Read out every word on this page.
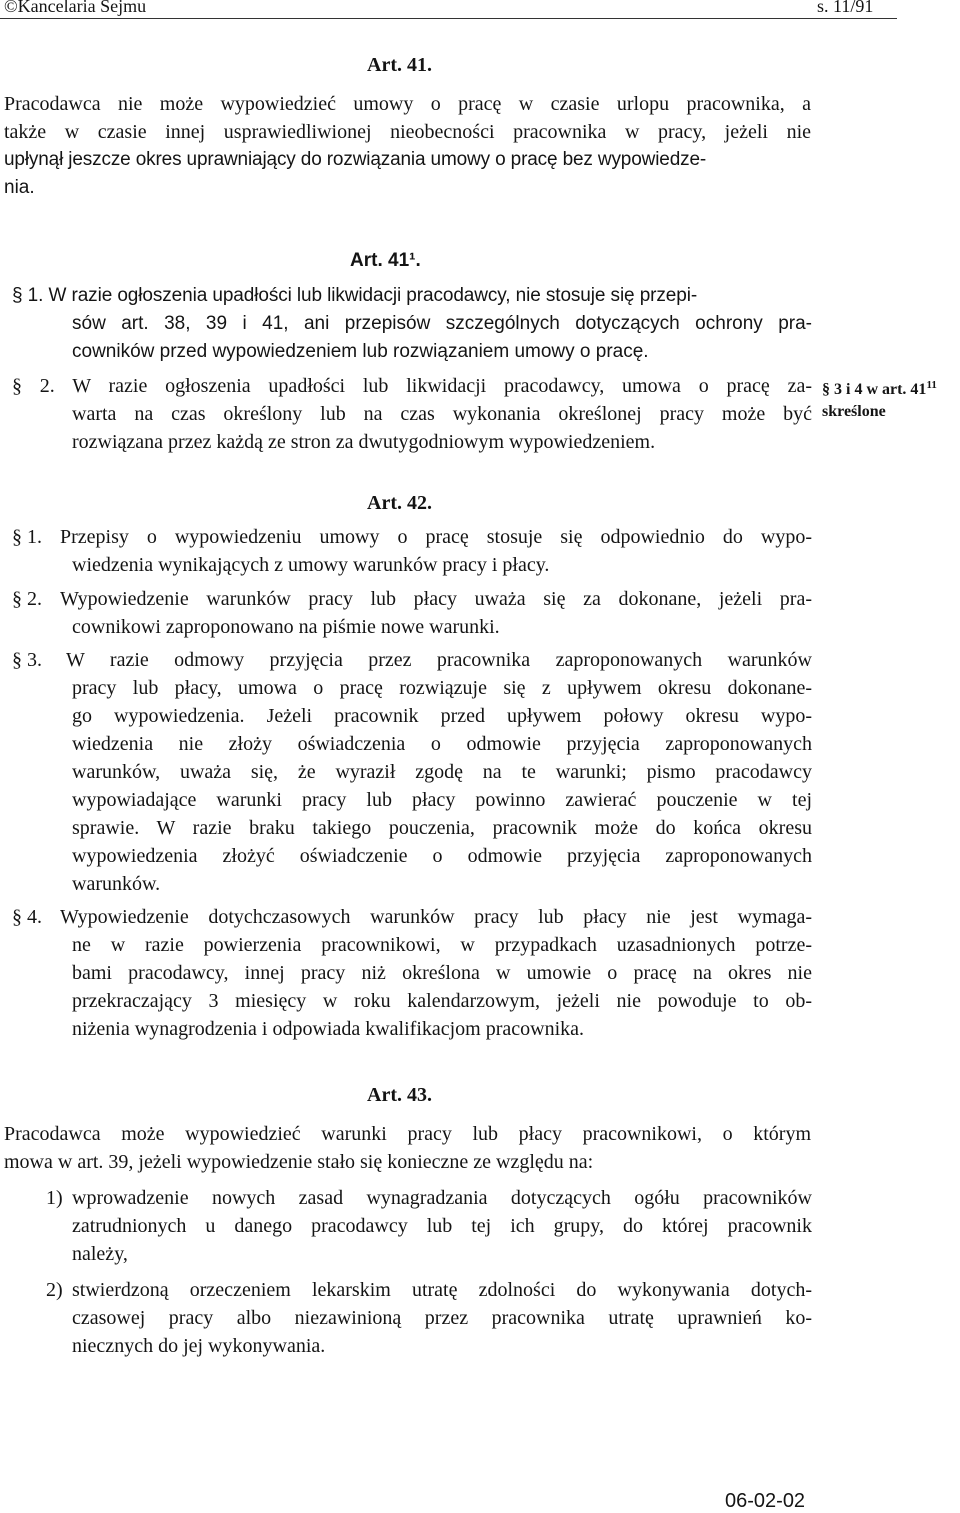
©Kancelaria Sejmu	s. 11/91
Art. 41.
Pracodawca nie może wypowiedzieć umowy o pracę w czasie urlopu pracownika, a
także w czasie innej usprawiedliwionej nieobecności pracownika w pracy, jeżeli nie
upłynął jeszcze okres uprawniający do rozwiązania umowy o pracę bez wypowiedze-
nia.
Art. 41¹.
§ 1. W razie ogłoszenia upadłości lub likwidacji pracodawcy, nie stosuje się przepi-
sów art. 38, 39 i 41, ani przepisów szczególnych dotyczących ochrony pra-
cowników przed wypowiedzeniem lub rozwiązaniem umowy o pracę.
§ 2. W razie ogłoszenia upadłości lub likwidacji pracodawcy, umowa o pracę za-
warta na czas określony lub na czas wykonania określonej pracy może być
rozwiązana przez każdą ze stron za dwutygodniowym wypowiedzeniem.
§ 3 i 4 w art. $41^{11}$
skreślone
Art. 42.
§ 1. Przepisy o wypowiedzeniu umowy o pracę stosuje się odpowiednio do wypo-
wiedzenia wynikających z umowy warunków pracy i płacy.
§ 2. Wypowiedzenie warunków pracy lub płacy uważa się za dokonane, jeżeli pra-
cownikowi zaproponowano na piśmie nowe warunki.
§ 3. W razie odmowy przyjęcia przez pracownika zaproponowanych warunków
pracy lub płacy, umowa o pracę rozwiązuje się z upływem okresu dokonane-
go wypowiedzenia. Jeżeli pracownik przed upływem połowy okresu wypo-
wiedzenia nie złoży oświadczenia o odmowie przyjęcia zaproponowanych
warunków, uważa się, że wyraził zgodę na te warunki; pismo pracodawcy
wypowiadające warunki pracy lub płacy powinno zawierać pouczenie w tej
sprawie. W razie braku takiego pouczenia, pracownik może do końca okresu
wypowiedzenia złożyć oświadczenie o odmowie przyjęcia zaproponowanych
warunków.
§ 4. Wypowiedzenie dotychczasowych warunków pracy lub płacy nie jest wymaga-
ne w razie powierzenia pracownikowi, w przypadkach uzasadnionych potrze-
bami pracodawcy, innej pracy niż określona w umowie o pracę na okres nie
przekraczający 3 miesięcy w roku kalendarzowym, jeżeli nie powoduje to ob-
niżenia wynagrodzenia i odpowiada kwalifikacjom pracownika.
Art. 43.
Pracodawca może wypowiedzieć warunki pracy lub płacy pracownikowi, o którym
mowa w art. 39, jeżeli wypowiedzenie stało się konieczne ze względu na:
1) wprowadzenie nowych zasad wynagradzania dotyczących ogółu pracowników
zatrudnionych u danego pracodawcy lub tej ich grupy, do której pracownik
należy,
2) stwierdzoną orzeczeniem lekarskim utratę zdolności do wykonywania dotych-
czasowej pracy albo niezawinioną przez pracownika utratę uprawnień ko-
niecznych do jej wykonywania.
06-02-02
